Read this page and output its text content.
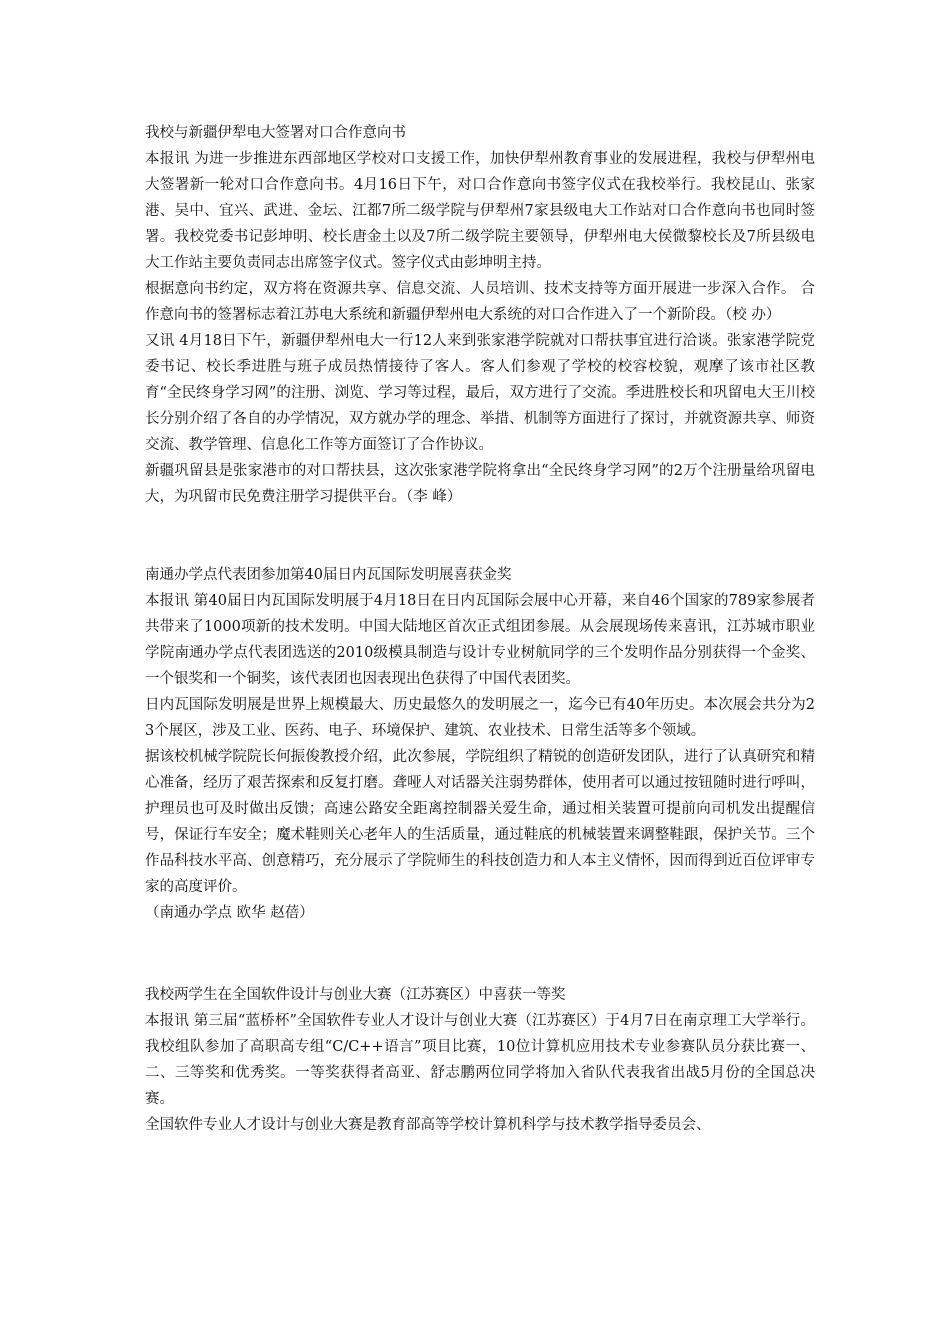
我校与新疆伊犁电大签署对口合作意向书

本报讯 为进一步推进东西部地区学校对口支援工作，加快伊犁州教育事业的发展进程，我校与伊犁州电大签署新一轮对口合作意向书。4月16日下午，对口合作意向书签字仪式在我校举行。我校昆山、张家港、吴中、宜兴、武进、金坛、江都7所二级学院与伊犁州7家县级电大工作站对口合作意向书也同时签署。我校党委书记彭坤明、校长唐金土以及7所二级学院主要领导，伊犁州电大侯微黎校长及7所县级电大工作站主要负责同志出席签字仪式。签字仪式由彭坤明主持。

根据意向书约定，双方将在资源共享、信息交流、人员培训、技术支持等方面开展进一步深入合作。 合作意向书的签署标志着江苏电大系统和新疆伊犁州电大系统的对口合作进入了一个新阶段。（校 办）

又讯 4月18日下午，新疆伊犁州电大一行12人来到张家港学院就对口帮扶事宜进行洽谈。张家港学院党委书记、校长季进胜与班子成员热情接待了客人。客人们参观了学校的校容校貌，观摩了该市社区教育“全民终身学习网”的注册、浏览、学习等过程，最后，双方进行了交流。季进胜校长和巩留电大王川校长分别介绍了各自的办学情况，双方就办学的理念、举措、机制等方面进行了探讨，并就资源共享、师资交流、教学管理、信息化工作等方面签订了合作协议。

新疆巩留县是张家港市的对口帮扶县，这次张家港学院将拿出“全民终身学习网”的2万个注册量给巩留电大，为巩留市民免费注册学习提供平台。（李 峰）

南通办学点代表团参加第40届日内瓦国际发明展喜获金奖

本报讯 第40届日内瓦国际发明展于4月18日在日内瓦国际会展中心开幕，来自46个国家的789家参展者共带来了1000项新的技术发明。中国大陆地区首次正式组团参展。从会展现场传来喜讯，江苏城市职业学院南通办学点代表团选送的2010级模具制造与设计专业树航同学的三个发明作品分别获得一个金奖、一个银奖和一个铜奖，该代表团也因表现出色获得了中国代表团奖。

日内瓦国际发明展是世界上规模最大、历史最悠久的发明展之一，迄今已有40年历史。本次展会共分为23个展区，涉及工业、医药、电子、环境保护、建筑、农业技术、日常生活等多个领域。

据该校机械学院院长何振俊教授介绍，此次参展，学院组织了精锐的创造研发团队，进行了认真研究和精心准备，经历了艰苦探索和反复打磨。聋哑人对话器关注弱势群体，使用者可以通过按钮随时进行呼叫，护理员也可及时做出反馈；高速公路安全距离控制器关爱生命，通过相关装置可提前向司机发出提醒信号，保证行车安全；魔术鞋则关心老年人的生活质量，通过鞋底的机械装置来调整鞋跟，保护关节。三个作品科技水平高、创意精巧，充分展示了学院师生的科技创造力和人本主义情怀，因而得到近百位评审专家的高度评价。

（南通办学点 欧华 赵蓓）

我校两学生在全国软件设计与创业大赛（江苏赛区）中喜获一等奖

本报讯 第三届“蓝桥杯”全国软件专业人才设计与创业大赛（江苏赛区）于4月7日在南京理工大学举行。我校组队参加了高职高专组“C/C++语言”项目比赛，10位计算机应用技术专业参赛队员分获比赛一、二、三等奖和优秀奖。一等奖获得者高亚、舒志鹏两位同学将加入省队代表我省出战5月份的全国总决赛。

全国软件专业人才设计与创业大赛是教育部高等学校计算机科学与技术教学指导委员会、
